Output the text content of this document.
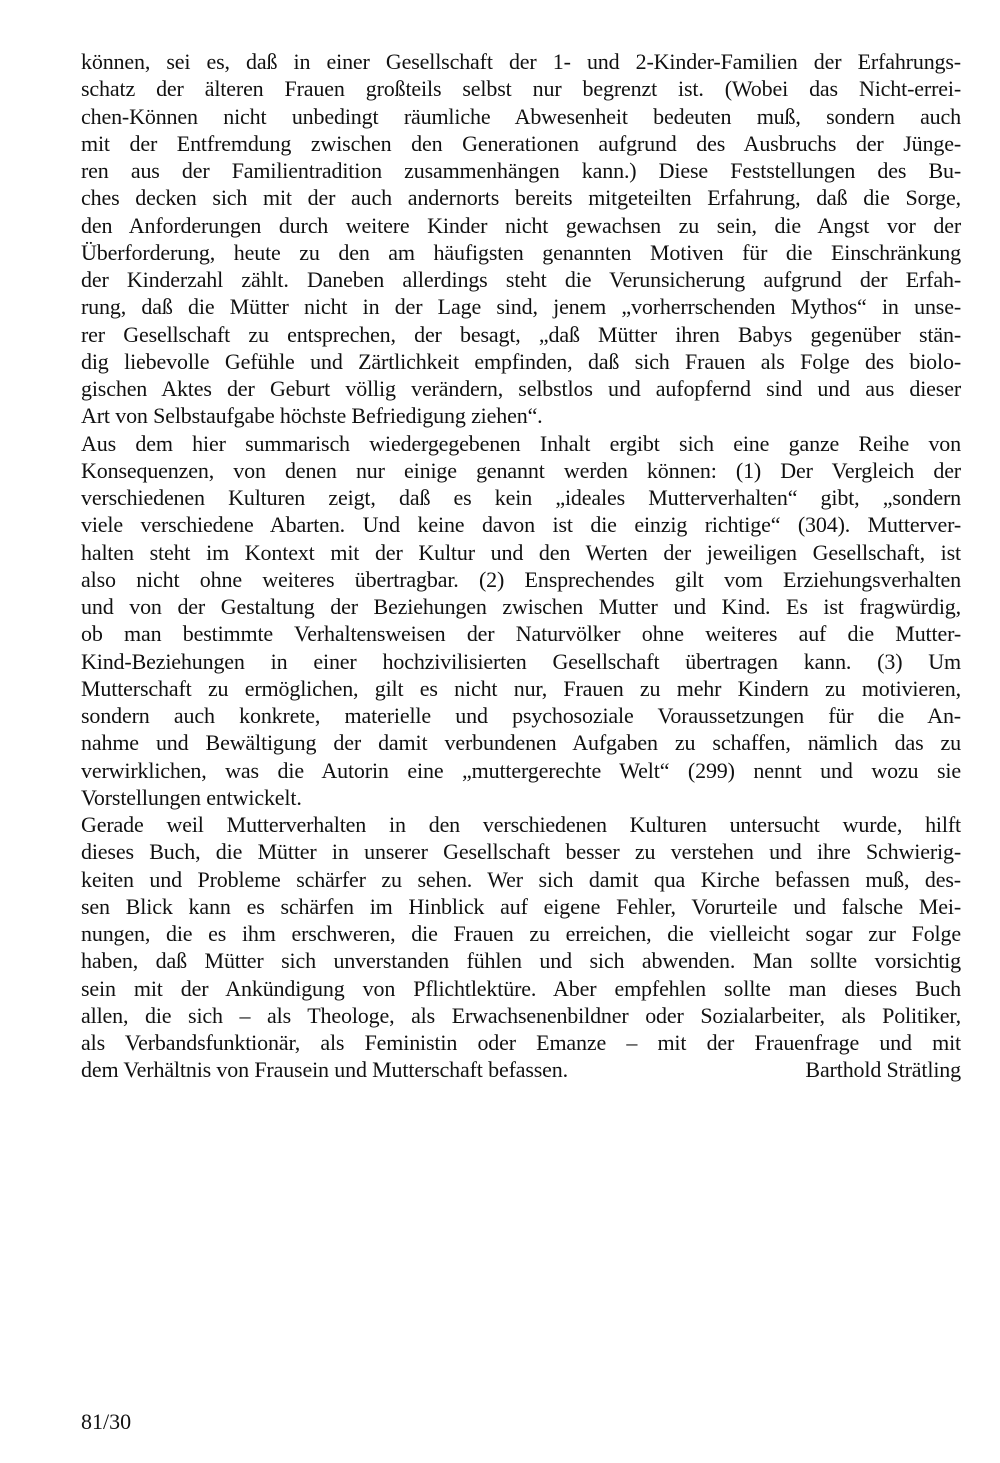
können, sei es, daß in einer Gesellschaft der 1- und 2-Kinder-Familien der Erfahrungs-
schatz der älteren Frauen großteils selbst nur begrenzt ist. (Wobei das Nicht-errei-
chen-Können nicht unbedingt räumliche Abwesenheit bedeuten muß, sondern auch
mit der Entfremdung zwischen den Generationen aufgrund des Ausbruchs der Jünge-
ren aus der Familientradition zusammenhängen kann.) Diese Feststellungen des Bu-
ches decken sich mit der auch andernorts bereits mitgeteilten Erfahrung, daß die Sorge,
den Anforderungen durch weitere Kinder nicht gewachsen zu sein, die Angst vor der
Überforderung, heute zu den am häufigsten genannten Motiven für die Einschränkung
der Kinderzahl zählt. Daneben allerdings steht die Verunsicherung aufgrund der Erfah-
rung, daß die Mütter nicht in der Lage sind, jenem „vorherrschenden Mythos“ in unse-
rer Gesellschaft zu entsprechen, der besagt, „daß Mütter ihren Babys gegenüber stän-
dig liebevolle Gefühle und Zärtlichkeit empfinden, daß sich Frauen als Folge des biolo-
gischen Aktes der Geburt völlig verändern, selbstlos und aufopfernd sind und aus dieser
Art von Selbstaufgabe höchste Befriedigung ziehen“.
Aus dem hier summarisch wiedergegebenen Inhalt ergibt sich eine ganze Reihe von
Konsequenzen, von denen nur einige genannt werden können: (1) Der Vergleich der
verschiedenen Kulturen zeigt, daß es kein „ideales Mutterverhalten“ gibt, „sondern
viele verschiedene Abarten. Und keine davon ist die einzig richtige“ (304). Mutterver-
halten steht im Kontext mit der Kultur und den Werten der jeweiligen Gesellschaft, ist
also nicht ohne weiteres übertragbar. (2) Ensprechendes gilt vom Erziehungsverhalten
und von der Gestaltung der Beziehungen zwischen Mutter und Kind. Es ist fragwürdig,
ob man bestimmte Verhaltensweisen der Naturvölker ohne weiteres auf die Mutter-
Kind-Beziehungen in einer hochzivilisierten Gesellschaft übertragen kann. (3) Um
Mutterschaft zu ermöglichen, gilt es nicht nur, Frauen zu mehr Kindern zu motivieren,
sondern auch konkrete, materielle und psychosoziale Voraussetzungen für die An-
nahme und Bewältigung der damit verbundenen Aufgaben zu schaffen, nämlich das zu
verwirklichen, was die Autorin eine „muttergerechte Welt“ (299) nennt und wozu sie
Vorstellungen entwickelt.
Gerade weil Mutterverhalten in den verschiedenen Kulturen untersucht wurde, hilft
dieses Buch, die Mütter in unserer Gesellschaft besser zu verstehen und ihre Schwierig-
keiten und Probleme schärfer zu sehen. Wer sich damit qua Kirche befassen muß, des-
sen Blick kann es schärfen im Hinblick auf eigene Fehler, Vorurteile und falsche Mei-
nungen, die es ihm erschweren, die Frauen zu erreichen, die vielleicht sogar zur Folge
haben, daß Mütter sich unverstanden fühlen und sich abwenden. Man sollte vorsichtig
sein mit der Ankündigung von Pflichtlektüre. Aber empfehlen sollte man dieses Buch
allen, die sich – als Theologe, als Erwachsenenbildner oder Sozialarbeiter, als Politiker,
als Verbandsfunktionär, als Feministin oder Emanze – mit der Frauenfrage und mit
dem Verhältnis von Frausein und Mutterschaft befassen.	Barthold Strätling
81/30
